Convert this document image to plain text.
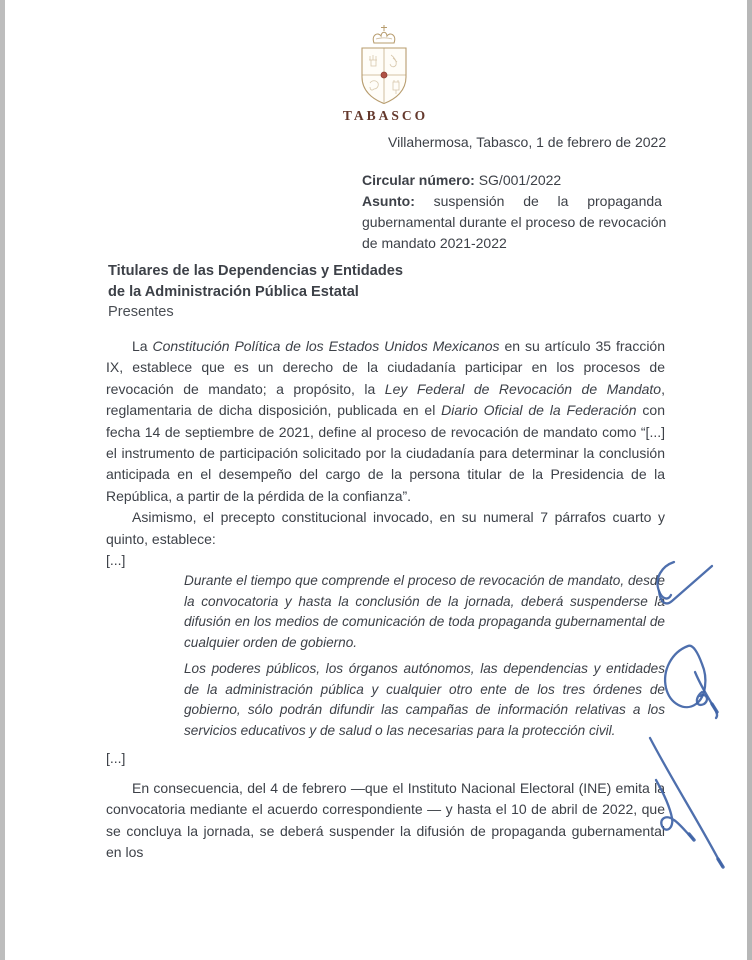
TABASCO

Villahermosa, Tabasco, 1 de febrero de 2022

Circular número: SG/001/2022

Asunto: suspensión de la propaganda
gubernamental durante el proceso de revocación
de mandato 2021-2022

Titulares de las Dependencias y Entidades

de la Administración Pública Estatal

Presentes

La Constitución Política de los Estados Unidos Mexicanos en su artículo 35 fracción IX, establece que es un derecho de la ciudadanía participar en los procesos de revocación de mandato; a propósito, la Ley Federal de Revocación de Mandato, reglamentaria de dicha disposición, publicada en el Diario Oficial de la Federación con fecha 14 de septiembre de 2021, define al proceso de revocación de mandato como “[...] el instrumento de participación solicitado por la ciudadanía para determinar la conclusión anticipada en el desempeño del cargo de la persona titular de la Presidencia de la República, a partir de la pérdida de la confianza”.

Asimismo, el precepto constitucional invocado, en su numeral 7 párrafos cuarto y quinto, establece:

[...]

Durante el tiempo que comprende el proceso de revocación de mandato, desde la convocatoria y hasta la conclusión de la jornada, deberá suspenderse la difusión en los medios de comunicación de toda propaganda gubernamental de cualquier orden de gobierno.
Los poderes públicos, los órganos autónomos, las dependencias y entidades de la administración pública y cualquier otro ente de los tres órdenes de gobierno, sólo podrán difundir las campañas de información relativas a los servicios educativos y de salud o las necesarias para la protección civil.

[...]

En consecuencia, del 4 de febrero —que el Instituto Nacional Electoral (INE) emita la convocatoria mediante el acuerdo correspondiente — y hasta el 10 de abril de 2022, que se concluya la jornada, se deberá suspender la difusión de propaganda gubernamental en los
